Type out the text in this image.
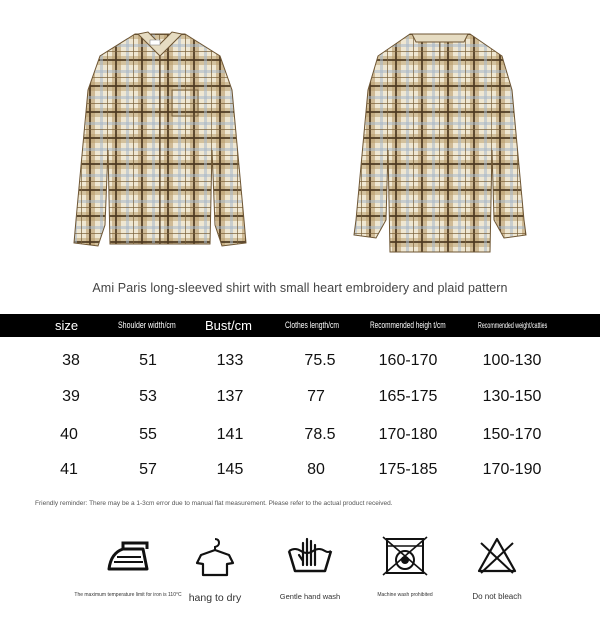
Ami Paris long-sleeved shirt with small heart embroidery and plaid pattern
size	Shoulder width/cm	Bust/cm	Clothes length/cm	Recommended heigh t/cm	Recommended weight/catties
38	51	133	75.5	160-170	100-130
39	53	137	77	165-175	130-150
40	55	141	78.5	170-180	150-170
41	57	145	80	175-185	170-190
Friendly reminder: There may be a 1-3cm error due to manual flat measurement. Please refer to the actual product received.
The maximum temperature limit for iron is 110°C hang to dry	Gentle hand wash	Machine wash prohibited	Do not bleach
